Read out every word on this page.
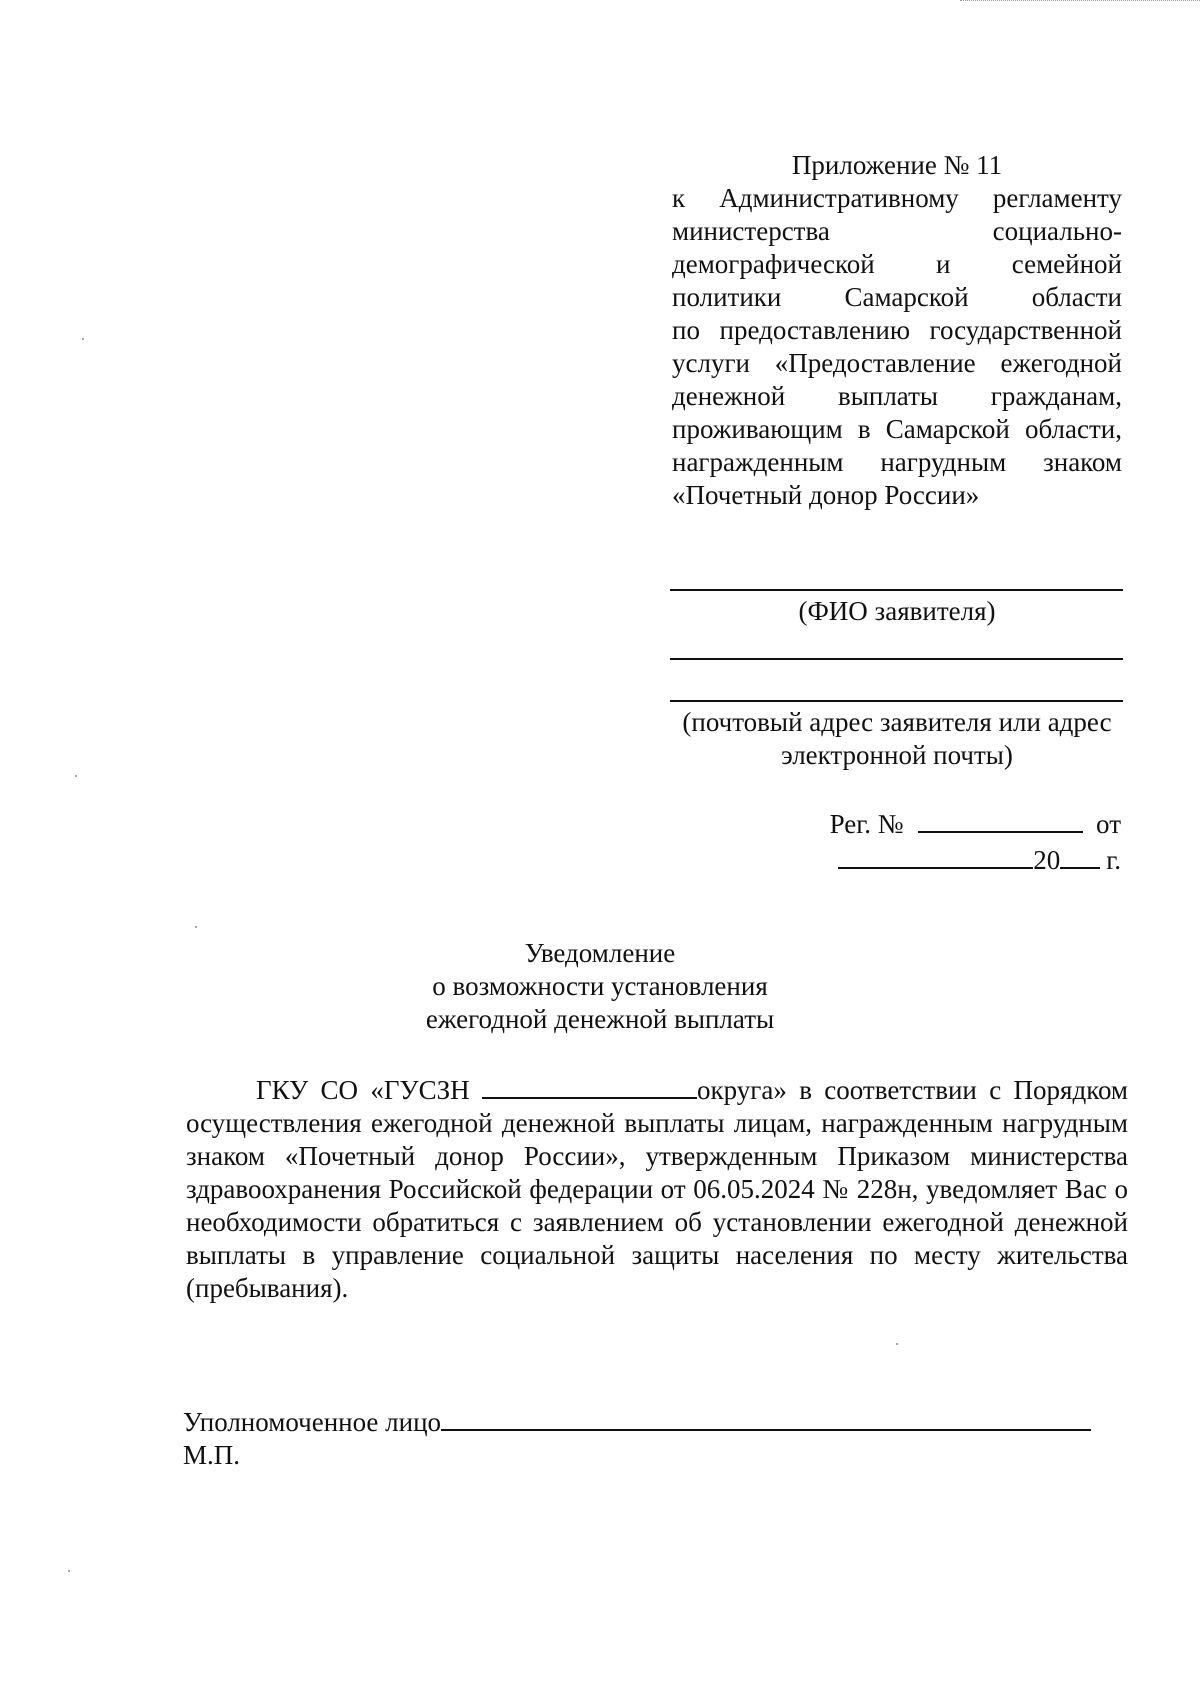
Приложение № 11
к Административному регламенту
министерства социально-
демографической и семейной
политики Самарской области
по предоставлению государственной
услуги «Предоставление ежегодной
денежной выплаты гражданам,
проживающим в Самарской области,
награжденным нагрудным знаком
«Почетный донор России»
(ФИО заявителя)
(почтовый адрес заявителя или адрес
электронной почты)
Рег. №	от
20 г.
Уведомление
о возможности установления
ежегодной денежной выплаты

ГКУ СО «ГУСЗН	округа» в соответствии с Порядком осуществления ежегодной денежной выплаты лицам, награжденным нагрудным знаком «Почетный донор России», утвержденным Приказом министерства здравоохранения Российской федерации от 06.05.2024 № 228н, уведомляет Вас о необходимости обратиться с заявлением об установлении ежегодной денежной выплаты в управление социальной защиты населения по месту жительства (пребывания).

Уполномоченное лицо
М.П.
